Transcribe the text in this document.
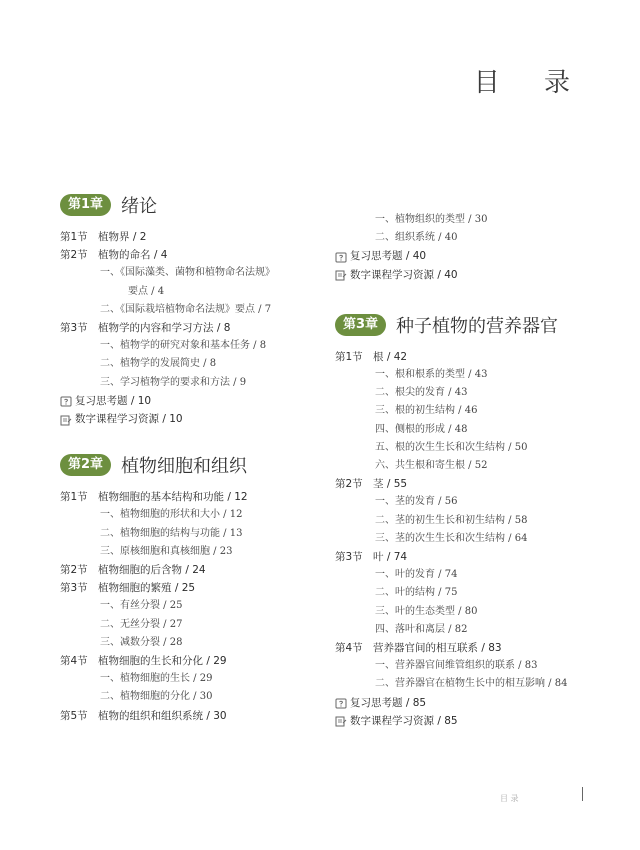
目 录
第1章	绪论
第1节 植物界 / 2
第2节 植物的命名 / 4
一、《国际藻类、菌物和植物命名法规》
要点 / 4
二、《国际栽培植物命名法规》要点 / 7
第3节 植物学的内容和学习方法 / 8
一、植物学的研究对象和基本任务 / 8
二、植物学的发展简史 / 8
三、学习植物学的要求和方法 / 9
复习思考题 / 10
数字课程学习资源 / 10
第2章	植物细胞和组织
第1节 植物细胞的基本结构和功能 / 12
一、植物细胞的形状和大小 / 12
二、植物细胞的结构与功能 / 13
三、原核细胞和真核细胞 / 23
第2节 植物细胞的后含物 / 24
第3节 植物细胞的繁殖 / 25
一、有丝分裂 / 25
二、无丝分裂 / 27
三、减数分裂 / 28
第4节 植物细胞的生长和分化 / 29
一、植物细胞的生长 / 29
二、植物细胞的分化 / 30
第5节 植物的组织和组织系统 / 30
一、植物组织的类型 / 30
二、组织系统 / 40
复习思考题 / 40
数字课程学习资源 / 40
第3章	种子植物的营养器官
第1节 根 / 42
一、根和根系的类型 / 43
二、根尖的发育 / 43
三、根的初生结构 / 46
四、侧根的形成 / 48
五、根的次生生长和次生结构 / 50
六、共生根和寄生根 / 52
第2节 茎 / 55
一、茎的发育 / 56
二、茎的初生生长和初生结构 / 58
三、茎的次生生长和次生结构 / 64
第3节 叶 / 74
一、叶的发育 / 74
二、叶的结构 / 75
三、叶的生态类型 / 80
四、落叶和离层 / 82
第4节 营养器官间的相互联系 / 83
一、营养器官间维管组织的联系 / 83
二、营养器官在植物生长中的相互影响 / 84
复习思考题 / 85
数字课程学习资源 / 85
目 录
